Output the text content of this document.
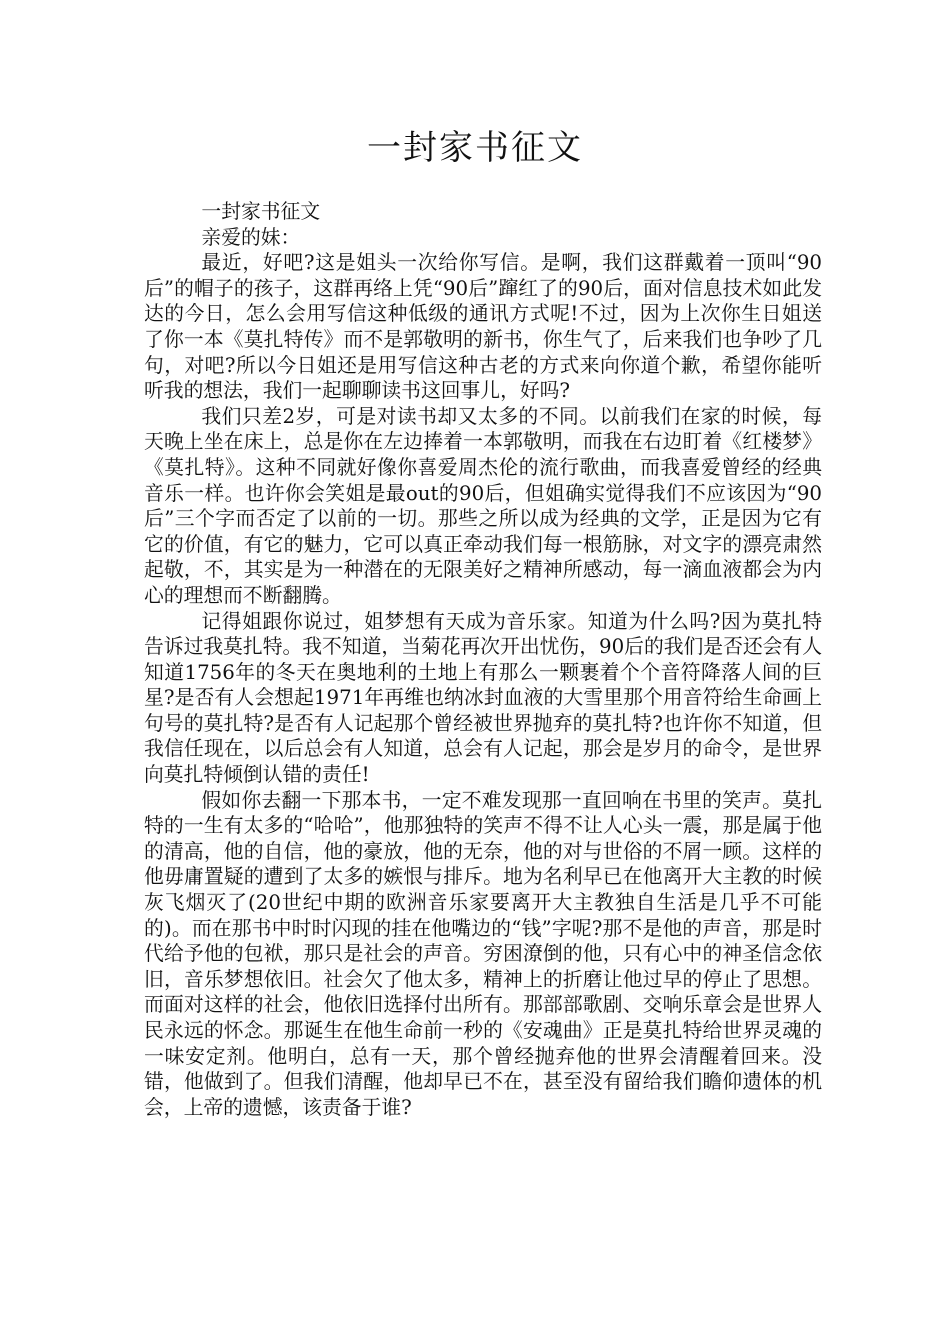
一封家书征文

一封家书征文

亲爱的妹：

最近，好吧?这是姐头一次给你写信。是啊，我们这群戴着一顶叫“90后”的帽子的孩子，这群再络上凭“90后”蹿红了的90后，面对信息技术如此发达的今日，怎么会用写信这种低级的通讯方式呢!不过，因为上次你生日姐送了你一本《莫扎特传》而不是郭敬明的新书，你生气了，后来我们也争吵了几句，对吧?所以今日姐还是用写信这种古老的方式来向你道个歉，希望你能听听我的想法，我们一起聊聊读书这回事儿，好吗?

我们只差2岁，可是对读书却又太多的不同。以前我们在家的时候，每天晚上坐在床上，总是你在左边捧着一本郭敬明，而我在右边盯着《红楼梦》《莫扎特》。这种不同就好像你喜爱周杰伦的流行歌曲，而我喜爱曾经的经典音乐一样。也许你会笑姐是最out的90后，但姐确实觉得我们不应该因为“90后”三个字而否定了以前的一切。那些之所以成为经典的文学，正是因为它有它的价值，有它的魅力，它可以真正牵动我们每一根筋脉，对文字的漂亮肃然起敬，不，其实是为一种潜在的无限美好之精神所感动，每一滴血液都会为内心的理想而不断翻腾。

记得姐跟你说过，姐梦想有天成为音乐家。知道为什么吗?因为莫扎特告诉过我莫扎特。我不知道，当菊花再次开出忧伤，90后的我们是否还会有人知道1756年的冬天在奥地利的土地上有那么一颗裹着个个音符降落人间的巨星?是否有人会想起1971年再维也纳冰封血液的大雪里那个用音符给生命画上句号的莫扎特?是否有人记起那个曾经被世界抛弃的莫扎特?也许你不知道，但我信任现在，以后总会有人知道，总会有人记起，那会是岁月的命令，是世界向莫扎特倾倒认错的责任!

假如你去翻一下那本书，一定不难发现那一直回响在书里的笑声。莫扎特的一生有太多的“哈哈”，他那独特的笑声不得不让人心头一震，那是属于他的清高，他的自信，他的豪放，他的无奈，他的对与世俗的不屑一顾。这样的他毋庸置疑的遭到了太多的嫉恨与排斥。地为名利早已在他离开大主教的时候灰飞烟灭了(20世纪中期的欧洲音乐家要离开大主教独自生活是几乎不可能的)。而在那书中时时闪现的挂在他嘴边的“钱”字呢?那不是他的声音，那是时代给予他的包袱，那只是社会的声音。穷困潦倒的他，只有心中的神圣信念依旧，音乐梦想依旧。社会欠了他太多，精神上的折磨让他过早的停止了思想。而面对这样的社会，他依旧选择付出所有。那部部歌剧、交响乐章会是世界人民永远的怀念。那诞生在他生命前一秒的《安魂曲》正是莫扎特给世界灵魂的一味安定剂。他明白，总有一天，那个曾经抛弃他的世界会清醒着回来。没错，他做到了。但我们清醒，他却早已不在，甚至没有留给我们瞻仰遗体的机会，上帝的遗憾，该责备于谁?
